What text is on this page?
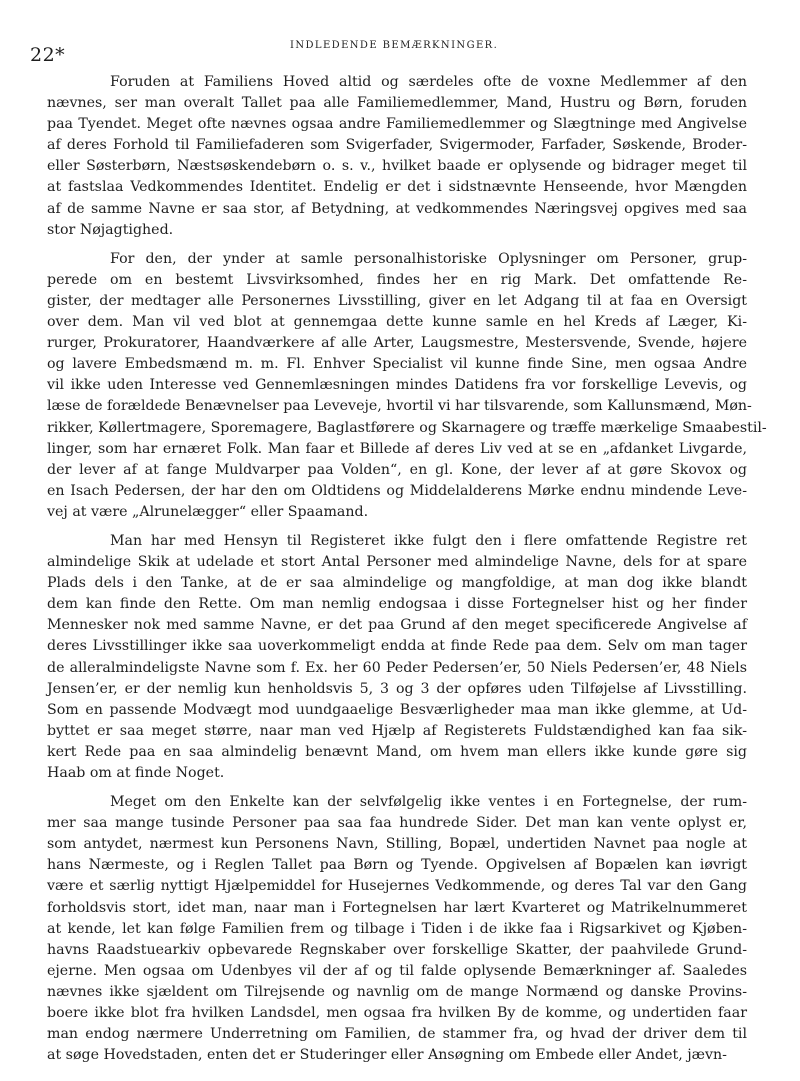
22*	INDLEDENDE BEMÆRKNINGER.
Foruden at Familiens Hoved altid og særdeles ofte de voxne Medlemmer af den
nævnes, ser man overalt Tallet paa alle Familiemedlemmer, Mand, Hustru og Børn, foruden
paa Tyendet. Meget ofte nævnes ogsaa andre Familiemedlemmer og Slægtninge med Angivelse
af deres Forhold til Familiefaderen som Svigerfader, Svigermoder, Farfader, Søskende, Broder-
eller Søsterbørn, Næstsøskendebørn o. s. v., hvilket baade er oplysende og bidrager meget til
at fastslaa Vedkommendes Identitet. Endelig er det i sidstnævnte Henseende, hvor Mængden
af de samme Navne er saa stor, af Betydning, at vedkommendes Næringsvej opgives med saa
stor Nøjagtighed.
For den, der ynder at samle personalhistoriske Oplysninger om Personer, grup-
perede om en bestemt Livsvirksomhed, findes her en rig Mark. Det omfattende Re-
gister, der medtager alle Personernes Livsstilling, giver en let Adgang til at faa en Oversigt
over dem. Man vil ved blot at gennemgaa dette kunne samle en hel Kreds af Læger, Ki-
rurger, Prokuratorer, Haandværkere af alle Arter, Laugsmestre, Mestersvende, Svende, højere
og lavere Embedsmænd m. m. Fl. Enhver Specialist vil kunne finde Sine, men ogsaa Andre
vil ikke uden Interesse ved Gennemlæsningen mindes Datidens fra vor forskellige Levevis, og
læse de forældede Benævnelser paa Leveveje, hvortil vi har tilsvarende, som Kallunsmænd, Møn-
rikker, Køllertmagere, Sporemagere, Baglastførere og Skarnagere og træffe mærkelige Smaabestil-
linger, som har ernæret Folk. Man faar et Billede af deres Liv ved at se en „afdanket Livgarde,
der lever af at fange Muldvarper paa Volden“, en gl. Kone, der lever af at gøre Skovox og
en Isach Pedersen, der har den om Oldtidens og Middelalderens Mørke endnu mindende Leve-
vej at være „Alrunelægger“ eller Spaamand.
Man har med Hensyn til Registeret ikke fulgt den i flere omfattende Registre ret
almindelige Skik at udelade et stort Antal Personer med almindelige Navne, dels for at spare
Plads dels i den Tanke, at de er saa almindelige og mangfoldige, at man dog ikke blandt
dem kan finde den Rette. Om man nemlig endogsaa i disse Fortegnelser hist og her finder
Mennesker nok med samme Navne, er det paa Grund af den meget specificerede Angivelse af
deres Livsstillinger ikke saa uoverkommeligt endda at finde Rede paa dem. Selv om man tager
de alleralmindeligste Navne som f. Ex. her 60 Peder Pedersen’er, 50 Niels Pedersen’er, 48 Niels
Jensen’er, er der nemlig kun henholdsvis 5, 3 og 3 der opføres uden Tilføjelse af Livsstilling.
Som en passende Modvægt mod uundgaaelige Besværligheder maa man ikke glemme, at Ud-
byttet er saa meget større, naar man ved Hjælp af Registerets Fuldstændighed kan faa sik-
kert Rede paa en saa almindelig benævnt Mand, om hvem man ellers ikke kunde gøre sig
Haab om at finde Noget.
Meget om den Enkelte kan der selvfølgelig ikke ventes i en Fortegnelse, der rum-
mer saa mange tusinde Personer paa saa faa hundrede Sider. Det man kan vente oplyst er,
som antydet, nærmest kun Personens Navn, Stilling, Bopæl, undertiden Navnet paa nogle at
hans Nærmeste, og i Reglen Tallet paa Børn og Tyende. Opgivelsen af Bopælen kan iøvrigt
være et særlig nyttigt Hjælpemiddel for Husejernes Vedkommende, og deres Tal var den Gang
forholdsvis stort, idet man, naar man i Fortegnelsen har lært Kvarteret og Matrikelnummeret
at kende, let kan følge Familien frem og tilbage i Tiden i de ikke faa i Rigsarkivet og Kjøben-
havns Raadstuearkiv opbevarede Regnskaber over forskellige Skatter, der paahvilede Grund-
ejerne. Men ogsaa om Udenbyes vil der af og til falde oplysende Bemærkninger af. Saaledes
nævnes ikke sjældent om Tilrejsende og navnlig om de mange Normænd og danske Provins-
boere ikke blot fra hvilken Landsdel, men ogsaa fra hvilken By de komme, og undertiden faar
man endog nærmere Underretning om Familien, de stammer fra, og hvad der driver dem til
at søge Hovedstaden, enten det er Studeringer eller Ansøgning om Embede eller Andet, jævn-
